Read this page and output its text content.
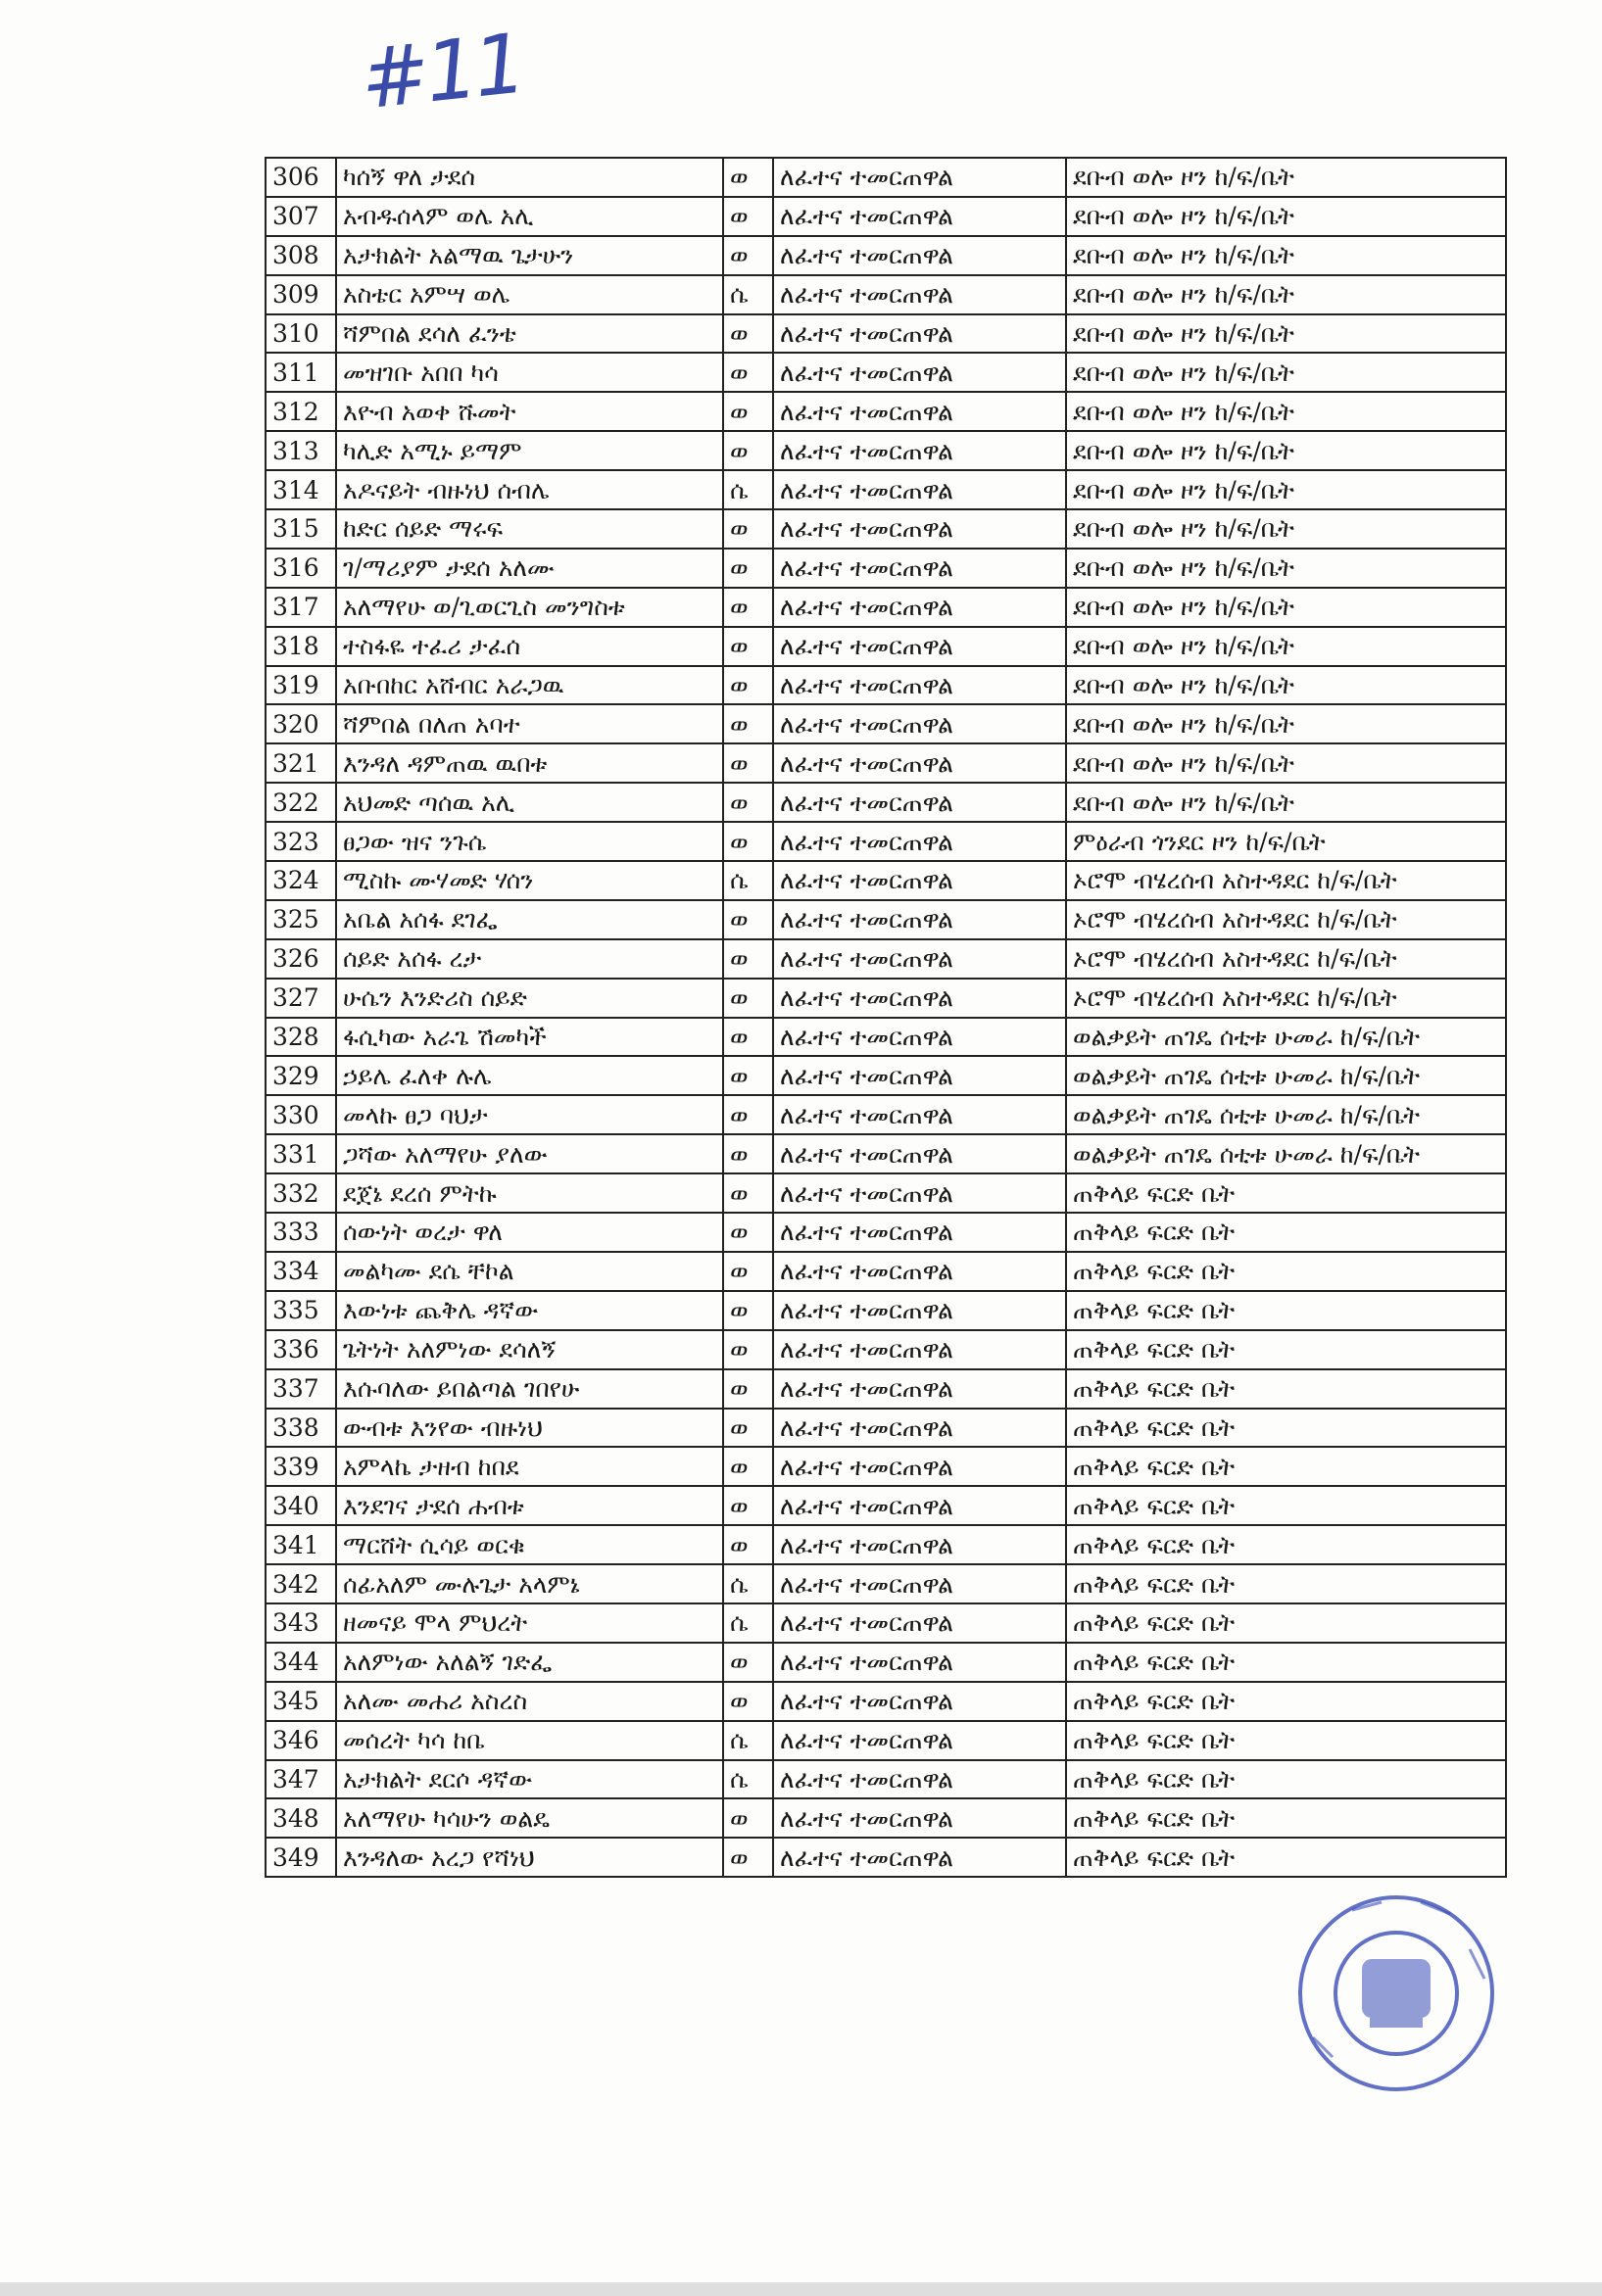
#11
306	ካሰኝ ዋለ ታደሰ	ወ	ለፈተና ተመርጠዋል	ደቡብ ወሎ ዞን ከ/ፍ/ቤት
307	አብዱሰላም ወሌ አሊ	ወ	ለፈተና ተመርጠዋል	ደቡብ ወሎ ዞን ከ/ፍ/ቤት
308	አታክልት አልማዉ ጌታሁን	ወ	ለፈተና ተመርጠዋል	ደቡብ ወሎ ዞን ከ/ፍ/ቤት
309	አስቴር አምሣ ወሌ	ሴ	ለፈተና ተመርጠዋል	ደቡብ ወሎ ዞን ከ/ፍ/ቤት
310	ሻምበል ደሳለ ፈንቴ	ወ	ለፈተና ተመርጠዋል	ደቡብ ወሎ ዞን ከ/ፍ/ቤት
311	መዝገቡ አበበ ካሳ	ወ	ለፈተና ተመርጠዋል	ደቡብ ወሎ ዞን ከ/ፍ/ቤት
312	እዮብ አወቀ ሹመት	ወ	ለፈተና ተመርጠዋል	ደቡብ ወሎ ዞን ከ/ፍ/ቤት
313	ካሊድ አሚኑ ይማም	ወ	ለፈተና ተመርጠዋል	ደቡብ ወሎ ዞን ከ/ፍ/ቤት
314	አዶናይት ብዙነህ ሰብሌ	ሴ	ለፈተና ተመርጠዋል	ደቡብ ወሎ ዞን ከ/ፍ/ቤት
315	ከድር ሰይድ ማሩፍ	ወ	ለፈተና ተመርጠዋል	ደቡብ ወሎ ዞን ከ/ፍ/ቤት
316	ገ/ማሪያም ታደሰ አለሙ	ወ	ለፈተና ተመርጠዋል	ደቡብ ወሎ ዞን ከ/ፍ/ቤት
317	አለማየሁ ወ/ጊወርጊስ መንግስቱ	ወ	ለፈተና ተመርጠዋል	ደቡብ ወሎ ዞን ከ/ፍ/ቤት
318	ተስፋዬ ተፈሪ ታፈሰ	ወ	ለፈተና ተመርጠዋል	ደቡብ ወሎ ዞን ከ/ፍ/ቤት
319	አቡበከር አሸብር አራጋዉ	ወ	ለፈተና ተመርጠዋል	ደቡብ ወሎ ዞን ከ/ፍ/ቤት
320	ሻምበል በለጠ አባተ	ወ	ለፈተና ተመርጠዋል	ደቡብ ወሎ ዞን ከ/ፍ/ቤት
321	እንዳለ ዳምጠዉ ዉበቱ	ወ	ለፈተና ተመርጠዋል	ደቡብ ወሎ ዞን ከ/ፍ/ቤት
322	አህመድ ጣሰዉ አሊ	ወ	ለፈተና ተመርጠዋል	ደቡብ ወሎ ዞን ከ/ፍ/ቤት
323	ፀጋው ዝና ንጉሴ	ወ	ለፈተና ተመርጠዋል	ምዕራብ ጎንደር ዞን ከ/ፍ/ቤት
324	ሚስኩ ሙሃመድ ሃሰን	ሴ	ለፈተና ተመርጠዋል	ኦሮሞ ብሄረሰብ አስተዳደር ከ/ፍ/ቤት
325	አቤል አሰፋ ደገፌ	ወ	ለፈተና ተመርጠዋል	ኦሮሞ ብሄረሰብ አስተዳደር ከ/ፍ/ቤት
326	ሰይድ አሰፋ ረታ	ወ	ለፈተና ተመርጠዋል	ኦሮሞ ብሄረሰብ አስተዳደር ከ/ፍ/ቤት
327	ሁሴን እንድሪስ ሰይድ	ወ	ለፈተና ተመርጠዋል	ኦሮሞ ብሄረሰብ አስተዳደር ከ/ፍ/ቤት
328	ፋሲካው አራጌ ሽመካች	ወ	ለፈተና ተመርጠዋል	ወልቃይት ጠገዴ ሰቲቱ ሁመራ ከ/ፍ/ቤት
329	ኃይሌ ፈለቀ ሉሌ	ወ	ለፈተና ተመርጠዋል	ወልቃይት ጠገዴ ሰቲቱ ሁመራ ከ/ፍ/ቤት
330	መላኩ ፀጋ ባህታ	ወ	ለፈተና ተመርጠዋል	ወልቃይት ጠገዴ ሰቲቱ ሁመራ ከ/ፍ/ቤት
331	ጋሻው አለማየሁ ያለው	ወ	ለፈተና ተመርጠዋል	ወልቃይት ጠገዴ ሰቲቱ ሁመራ ከ/ፍ/ቤት
332	ደጀኔ ደረሰ ምትኩ	ወ	ለፈተና ተመርጠዋል	ጠቅላይ ፍርድ ቤት
333	ሰውነት ወረታ ዋለ	ወ	ለፈተና ተመርጠዋል	ጠቅላይ ፍርድ ቤት
334	መልካሙ ደሴ ቸኮል	ወ	ለፈተና ተመርጠዋል	ጠቅላይ ፍርድ ቤት
335	እውነቱ ጨቅሌ ዳኛው	ወ	ለፈተና ተመርጠዋል	ጠቅላይ ፍርድ ቤት
336	ጌትነት አለምነው ደሳለኝ	ወ	ለፈተና ተመርጠዋል	ጠቅላይ ፍርድ ቤት
337	እሱባለው ይበልጣል ገበየሁ	ወ	ለፈተና ተመርጠዋል	ጠቅላይ ፍርድ ቤት
338	ውብቱ እንየው ብዙነህ	ወ	ለፈተና ተመርጠዋል	ጠቅላይ ፍርድ ቤት
339	አምላኬ ታዘብ ከበደ	ወ	ለፈተና ተመርጠዋል	ጠቅላይ ፍርድ ቤት
340	እንደገና ታደሰ ሐብቱ	ወ	ለፈተና ተመርጠዋል	ጠቅላይ ፍርድ ቤት
341	ማርሸት ሲሳይ ወርቁ	ወ	ለፈተና ተመርጠዋል	ጠቅላይ ፍርድ ቤት
342	ሰፊአለም ሙሉጌታ አላምኔ	ሴ	ለፈተና ተመርጠዋል	ጠቅላይ ፍርድ ቤት
343	ዘመናይ ሞላ ምህረት	ሴ	ለፈተና ተመርጠዋል	ጠቅላይ ፍርድ ቤት
344	አለምነው አለልኝ ገድፌ	ወ	ለፈተና ተመርጠዋል	ጠቅላይ ፍርድ ቤት
345	አለሙ መሐሪ አስረስ	ወ	ለፈተና ተመርጠዋል	ጠቅላይ ፍርድ ቤት
346	መሰረት ካሳ ከቤ	ሴ	ለፈተና ተመርጠዋል	ጠቅላይ ፍርድ ቤት
347	አታክልት ደርሶ ዳኛው	ሴ	ለፈተና ተመርጠዋል	ጠቅላይ ፍርድ ቤት
348	አለማየሁ ካሳሁን ወልዴ	ወ	ለፈተና ተመርጠዋል	ጠቅላይ ፍርድ ቤት
349	እንዳለው አረጋ የሻነህ	ወ	ለፈተና ተመርጠዋል	ጠቅላይ ፍርድ ቤት
